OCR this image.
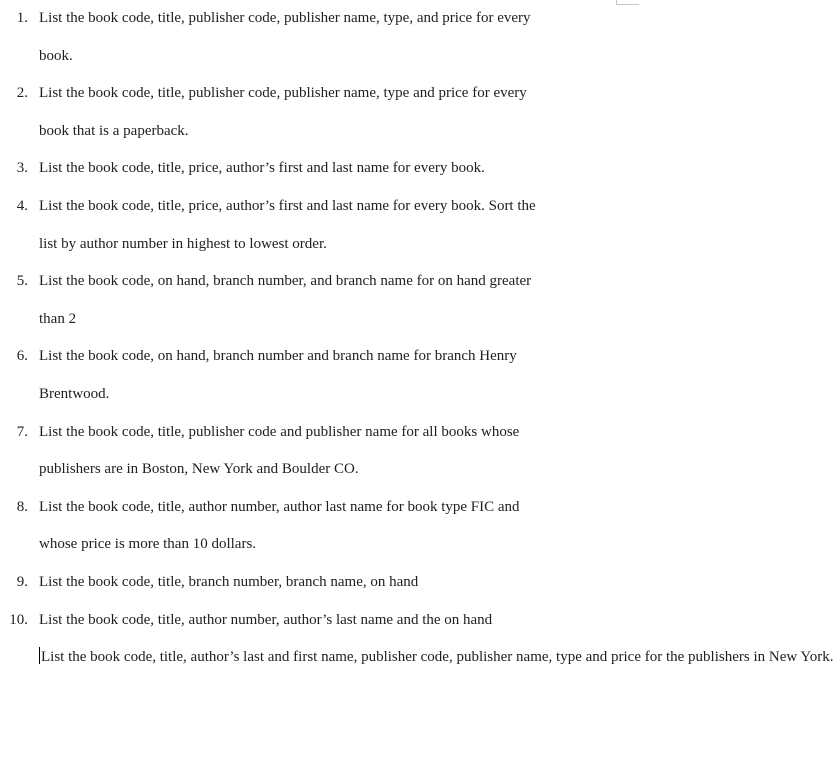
1. List the book code, title, publisher code, publisher name, type, and price for every
book.
2. List the book code, title, publisher code, publisher name, type and price for every
book that is a paperback.
3. List the book code, title, price, author’s first and last name for every book.
4. List the book code, title, price, author’s first and last name for every book. Sort the
list by author number in highest to lowest order.
5. List the book code, on hand, branch number, and branch name for on hand greater
than 2
6. List the book code, on hand, branch number and branch name for branch Henry
Brentwood.
7. List the book code, title, publisher code and publisher name for all books whose
publishers are in Boston, New York and Boulder CO.
8. List the book code, title, author number, author last name for book type FIC and
whose price is more than 10 dollars.
9. List the book code, title, branch number, branch name, on hand
10. List the book code, title, author number, author’s last name and the on hand
List the book code, title, author’s last and first name, publisher code, publisher name, type and price for the publishers in New York.
